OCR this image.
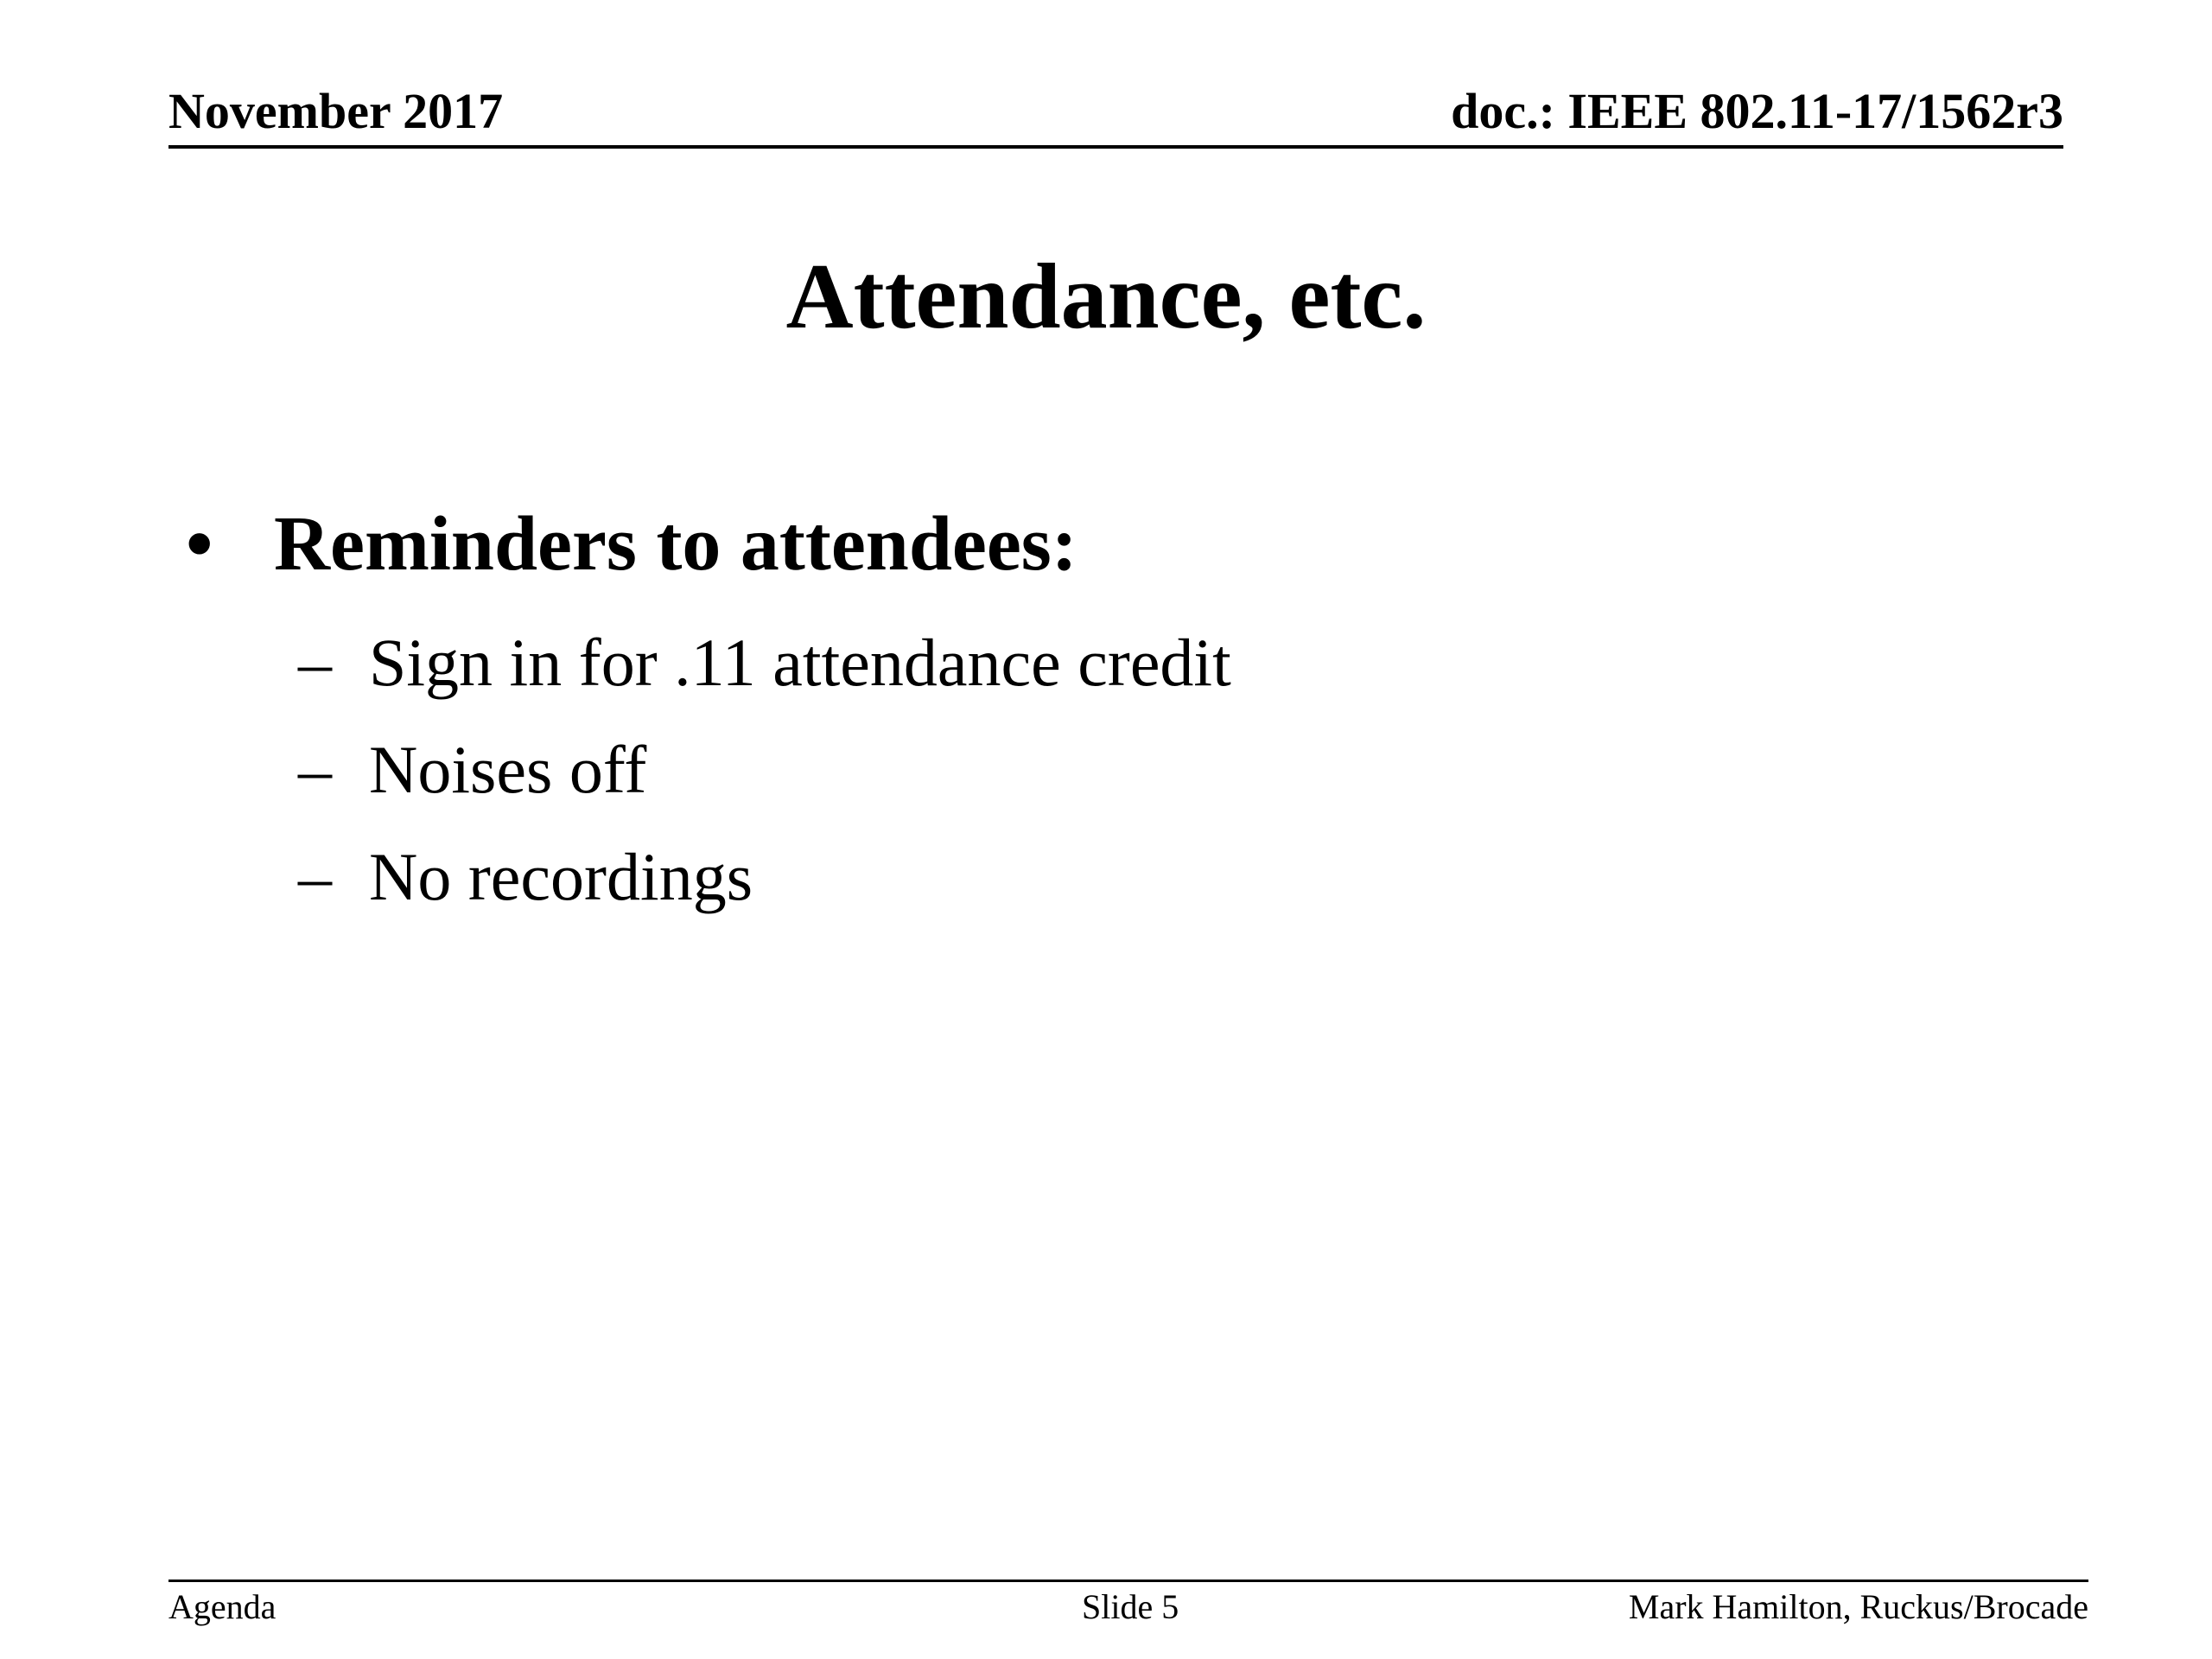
November 2017	doc.: IEEE 802.11-17/1562r3
Attendance, etc.
• Reminders to attendees:
– Sign in for .11 attendance credit
– Noises off
– No recordings
Agenda	Slide 5	Mark Hamilton, Ruckus/Brocade
